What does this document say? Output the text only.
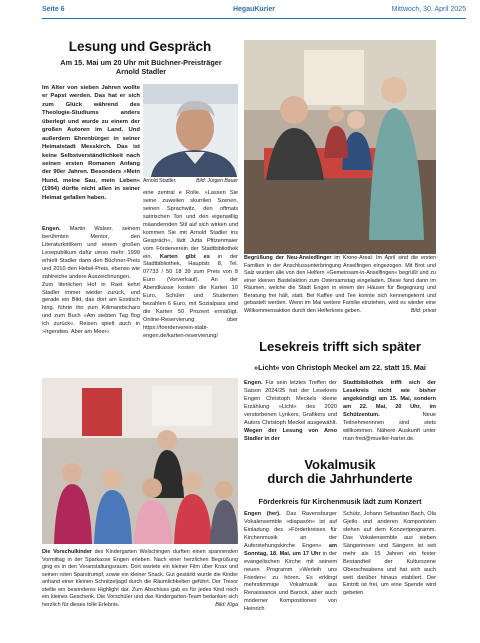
Seite 6	HegauKurier	Mittwoch, 30. April 2025
Lesung und Gespräch
Am 15. Mai um 20 Uhr mit Büchner-Preisträger Arnold Stadler
Im Alter von sieben Jahren wollte er Papst werden. Das hat er sich zum Glück während des Theologie-Studiums anders überlegt und wurde zu einem der großen Autoren im Land. Und außerdem Ehrenbürger in seiner Heimatstadt Messkirch. Das ist keine Selbstverständlichkeit nach seinen ersten Romanen Anfang der 90er Jahren. Besonders »Mein Hund, meine Sau, mein Leben« (1994) dürfte nicht allen in seiner Heimat gefallen haben.
Arnold Stadler.	Bild: Jürgen Bauer
Engen. Martin Walser, seinem berühmten Mentor, den Literaturkritikern und einem großen Lesepublikum dafür umso mehr. 1999 erhielt Stadler dann den Büchner-Preis und 2010 den Hebel-Preis, ebenso wie zahlreiche andere Auszeichnungen.
Zum literlichen Hof in Rast kehrt Stadler immer wieder zurück, und gerade ein Bild, das dort am Esstisch hing, führte ihn zum Kilimandscharo und zum Buch »Am siebten Tag flog ich zurück«. Reisen spielt auch in »Irgendwo. Aber am Meer«
eine zentral e Rolle. »Lassen Sie seine zuweilen skurrilen Szenen, seinen Sprachwitz, den oftmals satirischen Ton und den eigenwillig mäandernden Stil auf sich wirken und kommen Sie mit Arnold Stadler ins Gespräch«, lädt Jutta Pfitzenmaier vom Förderverein der Stadtbibliothek ein. Karten gibt es in der Stadtbibliothek, Hauptstr. 8, Tel. 07733 / 50 18 39 zum Preis von 8 Euro (Vorverkauf). An der Abendkasse kosten die Karten 10 Euro, Schüler und Studenten bezahlen 6 Euro, mit Sozialpass sind die Karten 50 Prozent ermäßigt. Online-Reservierung über https://foerderverein-stabi-engen.de/karten-reservierung/
Begrüßung der Neu-Ansiedlinger im Krone-Areal: Im April sind die ersten Familien in der Anschlussunterbringung Anselfingen eingezogen. Mit Brot und Salz wurden alle von den Helfern »Gemeinsam-in-Anselfingen« begrüßt und zu einer kleinen Bastelaktion zum Ostersamstag eingeladen. Diese fand dann im Räumen, welche die Stadt Engen in einem der Häuser für Begegnung und Beratung frei hält, statt. Bei Kaffee und Tee konnte sich kennengelernt und gebastelt werden. Wenn im Mai weitere Familie einziehen, wird es wieder eine Willkommensaktion durch den Helferkreis geben.	Bild: privat
Lesekreis trifft sich später
»Licht« von Christoph Meckel am 22. statt 15. Mai
Engen. Für sein letztes Treffen der Saison 2024/25 hat der Lesekreis Engen Christoph Meckels kleine Erzählung »Licht« des 2020 verstorbenen Lyrikers, Grafikers und Autors Christoph Meckel ausgewählt. Wegen der Lesung von Arno Stadler in der
Stadtbibliothek trifft sich der Lesekreis nicht wie bisher angekündigt am 15. Mai, sondern am 22. Mai, 20 Uhr, im Schützentum.	Neue Teilnehmerinnen sind stets willkommen. Nähere Auskunft unter man fred@mueller-harter.de.
Die Vorschulkinder des Kindergarten Welschingen durften einen spannenden Vormittag in der Sparkasse Engen erleben. Nach einer herzlichen Begrüßung ging es in den Veranstaltungsraum. Dort wartete ein kleiner Film über Knax und seinen roten Sparstrumpf, sowie ein kleiner Snack. Gut gestärkt wurde die Kinder anhand einer kleinen Schnitzeljagd durch die Räumlichkeiten geführt. Der Tresor stellte ein besonderes Highlight dar. Zum Abschluss gab es für jedes Kind noch ein kleines Geschenk. Die Vorschüler und das Kindergarten-Team bedanken sich herzlich für dieses tolle Erlebnis.	Bild: Kiga
Vokalmusik
durch die Jahrhunderte
Förderkreis für Kirchenmusik lädt zum Konzert
Engen (her). Das Ravensburger Vokalensemble »diapasòn« ist auf Einladung des »Förderkreises für Kirchenmusik an der Auferstehungskirche Engen« am Sonntag, 18. Mai, um 17 Uhr in der evangelischen Kirche mit seinem neuen Programm »Werleih uns Frieden« zu hören. Es erklingt mehrstimmige Vokalmusik aus Renaissance und Barock, aber auch moderner Kompositionen von Heinrich
Schütz, Johann Sebastian Bach, Ola Gjeilo und anderen Komponisten stehen auf dem Konzertprogramm. Das Vokalensemble aus sieben Sängerinnen und Sängern ist seit mehr als 15 Jahren ein fester Bestandteil der Kulturszene Oberschwabens und hat sich auch weit darüber hinaus etabliert. Der Eintritt ist frei, um eine Spende wird gebeten.
